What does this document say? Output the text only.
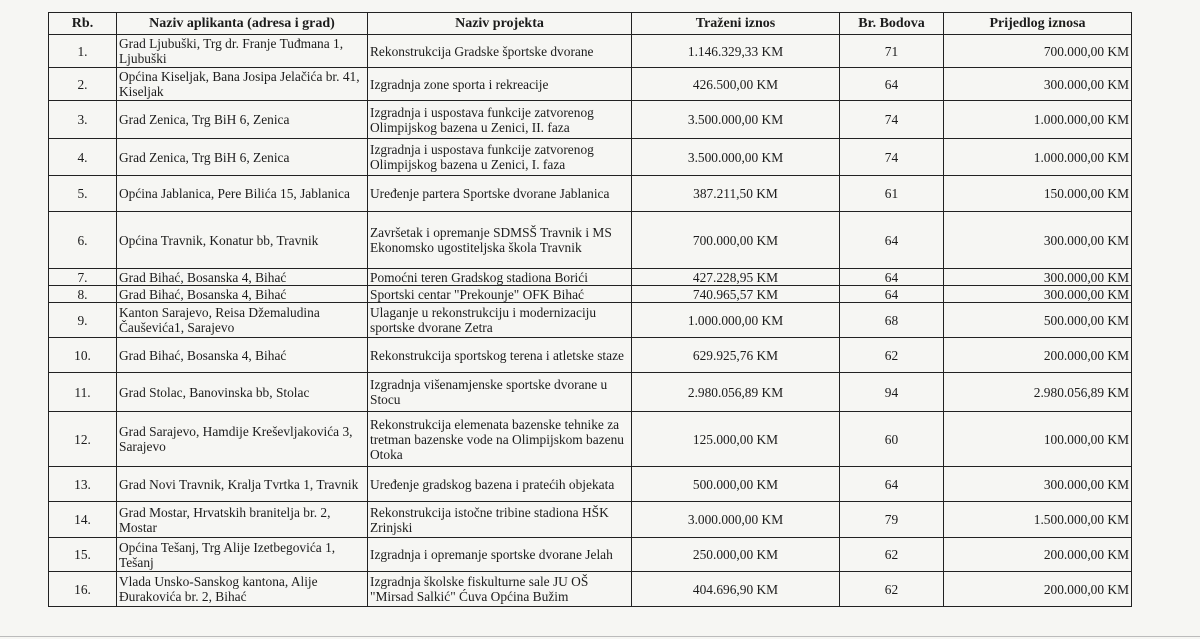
Rb.	Naziv aplikanta (adresa i grad)	Naziv projekta	Traženi iznos	Br. Bodova	Prijedlog iznosa
1.	Grad Ljubuški, Trg dr. Franje Tuđmana 1, Ljubuški	Rekonstrukcija Gradske športske dvorane	1.146.329,33 KM	71	700.000,00 KM
2.	Općina Kiseljak, Bana Josipa Jelačića br. 41, Kiseljak	Izgradnja zone sporta i rekreacije	426.500,00 KM	64	300.000,00 KM
3.	Grad Zenica, Trg BiH 6, Zenica	Izgradnja i uspostava funkcije zatvorenog Olimpijskog bazena u Zenici, II. faza	3.500.000,00 KM	74	1.000.000,00 KM
4.	Grad Zenica, Trg BiH 6, Zenica	Izgradnja i uspostava funkcije zatvorenog Olimpijskog bazena u Zenici, I. faza	3.500.000,00 KM	74	1.000.000,00 KM
5.	Općina Jablanica, Pere Bilića 15, Jablanica	Uređenje partera Sportske dvorane Jablanica	387.211,50 KM	61	150.000,00 KM
6.	Općina Travnik, Konatur bb, Travnik	Završetak i opremanje SDMSŠ Travnik i MS Ekonomsko ugostiteljska škola Travnik	700.000,00 KM	64	300.000,00 KM
7.	Grad Bihać, Bosanska 4, Bihać	Pomoćni teren Gradskog stadiona Borići	427.228,95 KM	64	300.000,00 KM
8.	Grad Bihać, Bosanska 4, Bihać	Sportski centar "Prekounje" OFK Bihać	740.965,57 KM	64	300.000,00 KM
9.	Kanton Sarajevo, Reisa Džemaludina Čauševića1, Sarajevo	Ulaganje u rekonstrukciju i modernizaciju sportske dvorane Zetra	1.000.000,00 KM	68	500.000,00 KM
10.	Grad Bihać, Bosanska 4, Bihać	Rekonstrukcija sportskog terena i atletske staze	629.925,76 KM	62	200.000,00 KM
11.	Grad Stolac, Banovinska bb, Stolac	Izgradnja višenamjenske sportske dvorane u Stocu	2.980.056,89 KM	94	2.980.056,89 KM
12.	Grad Sarajevo, Hamdije Kreševljakovića 3, Sarajevo	Rekonstrukcija elemenata bazenske tehnike za tretman bazenske vode na Olimpijskom bazenu Otoka	125.000,00 KM	60	100.000,00 KM
13.	Grad Novi Travnik, Kralja Tvrtka 1, Travnik	Uređenje gradskog bazena i pratećih objekata	500.000,00 KM	64	300.000,00 KM
14.	Grad Mostar, Hrvatskih branitelja br. 2, Mostar	Rekonstrukcija istočne tribine stadiona HŠK Zrinjski	3.000.000,00 KM	79	1.500.000,00 KM
15.	Općina Tešanj, Trg Alije Izetbegovića 1, Tešanj	Izgradnja i opremanje sportske dvorane Jelah	250.000,00 KM	62	200.000,00 KM
16.	Vlada Unsko-Sanskog kantona, Alije Đurakovića br. 2, Bihać	Izgradnja školske fiskulturne sale JU OŠ "Mirsad Salkić" Ćuva Općina Bužim	404.696,90 KM	62	200.000,00 KM
